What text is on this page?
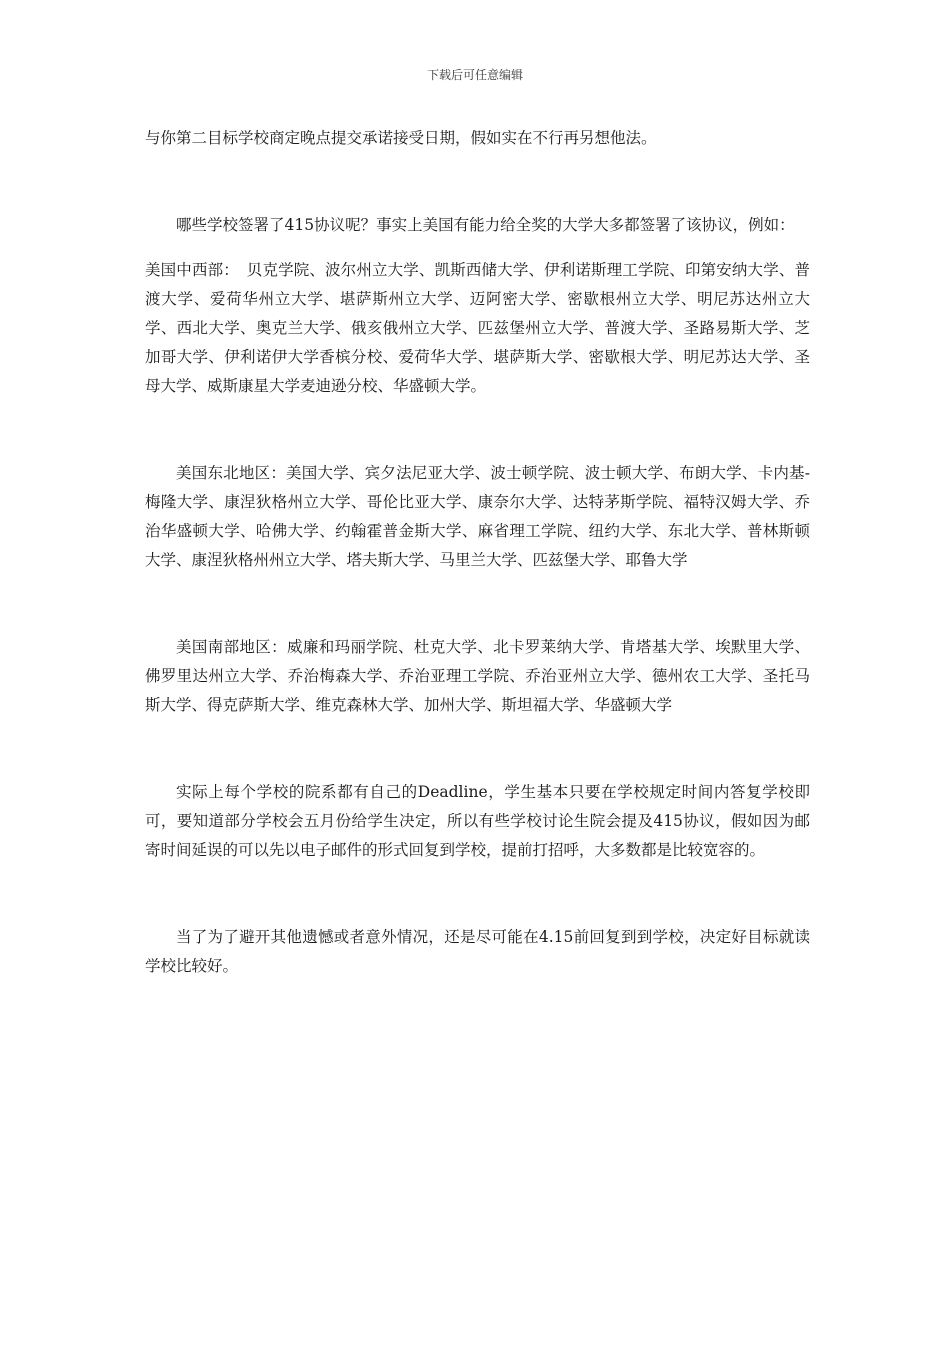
下载后可任意编辑

与你第二目标学校商定晚点提交承诺接受日期，假如实在不行再另想他法。

哪些学校签署了415协议呢？事实上美国有能力给全奖的大学大多都签署了该协议，例如：

美国中西部：　贝克学院、波尔州立大学、凯斯西储大学、伊利诺斯理工学院、印第安纳大学、普渡大学、爱荷华州立大学、堪萨斯州立大学、迈阿密大学、密歇根州立大学、明尼苏达州立大学、西北大学、奥克兰大学、俄亥俄州立大学、匹兹堡州立大学、普渡大学、圣路易斯大学、芝加哥大学、伊利诺伊大学香槟分校、爱荷华大学、堪萨斯大学、密歇根大学、明尼苏达大学、圣母大学、威斯康星大学麦迪逊分校、华盛顿大学。

美国东北地区：美国大学、宾夕法尼亚大学、波士顿学院、波士顿大学、布朗大学、卡内基-梅隆大学、康涅狄格州立大学、哥伦比亚大学、康奈尔大学、达特茅斯学院、福特汉姆大学、乔治华盛顿大学、哈佛大学、约翰霍普金斯大学、麻省理工学院、纽约大学、东北大学、普林斯顿大学、康涅狄格州州立大学、塔夫斯大学、马里兰大学、匹兹堡大学、耶鲁大学

美国南部地区：威廉和玛丽学院、杜克大学、北卡罗莱纳大学、肯塔基大学、埃默里大学、佛罗里达州立大学、乔治梅森大学、乔治亚理工学院、乔治亚州立大学、德州农工大学、圣托马斯大学、得克萨斯大学、维克森林大学、加州大学、斯坦福大学、华盛顿大学

实际上每个学校的院系都有自己的Deadline，学生基本只要在学校规定时间内答复学校即可，要知道部分学校会五月份给学生决定，所以有些学校讨论生院会提及415协议，假如因为邮寄时间延误的可以先以电子邮件的形式回复到学校，提前打招呼，大多数都是比较宽容的。

当了为了避开其他遗憾或者意外情况，还是尽可能在4.15前回复到到学校，决定好目标就读学校比较好。
